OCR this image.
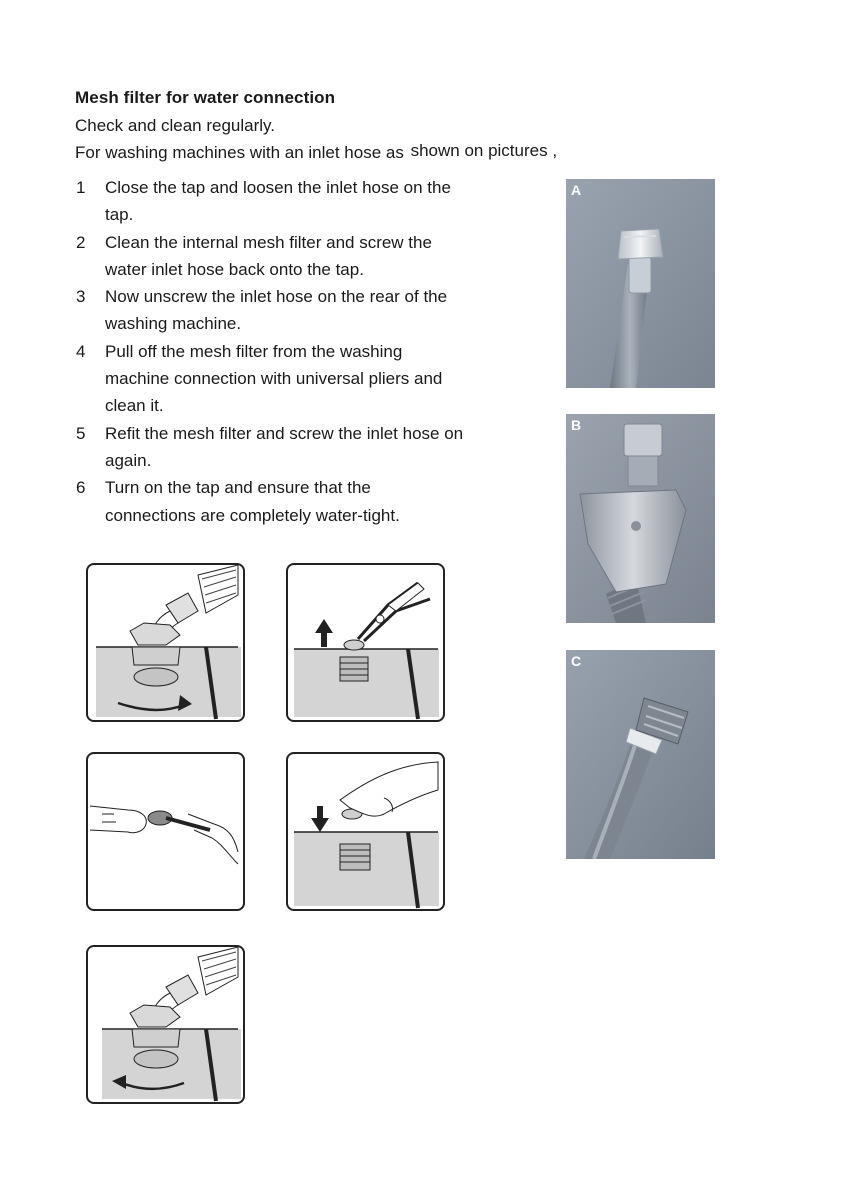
Mesh filter for water connection
Check and clean regularly.
For washing machines with an inlet hose as shown on pictures ,
1	Close the tap and loosen the inlet hose on the tap.
2	Clean the internal mesh filter and screw the water inlet hose back onto the tap.
3	Now unscrew the inlet hose on the rear of the washing machine.
4	Pull off the mesh filter from the washing machine connection with universal pliers and clean it.
5	Refit the mesh filter and screw the inlet hose on again.
6	Turn on the tap and ensure that the connections are completely water-tight.
A
B
C
